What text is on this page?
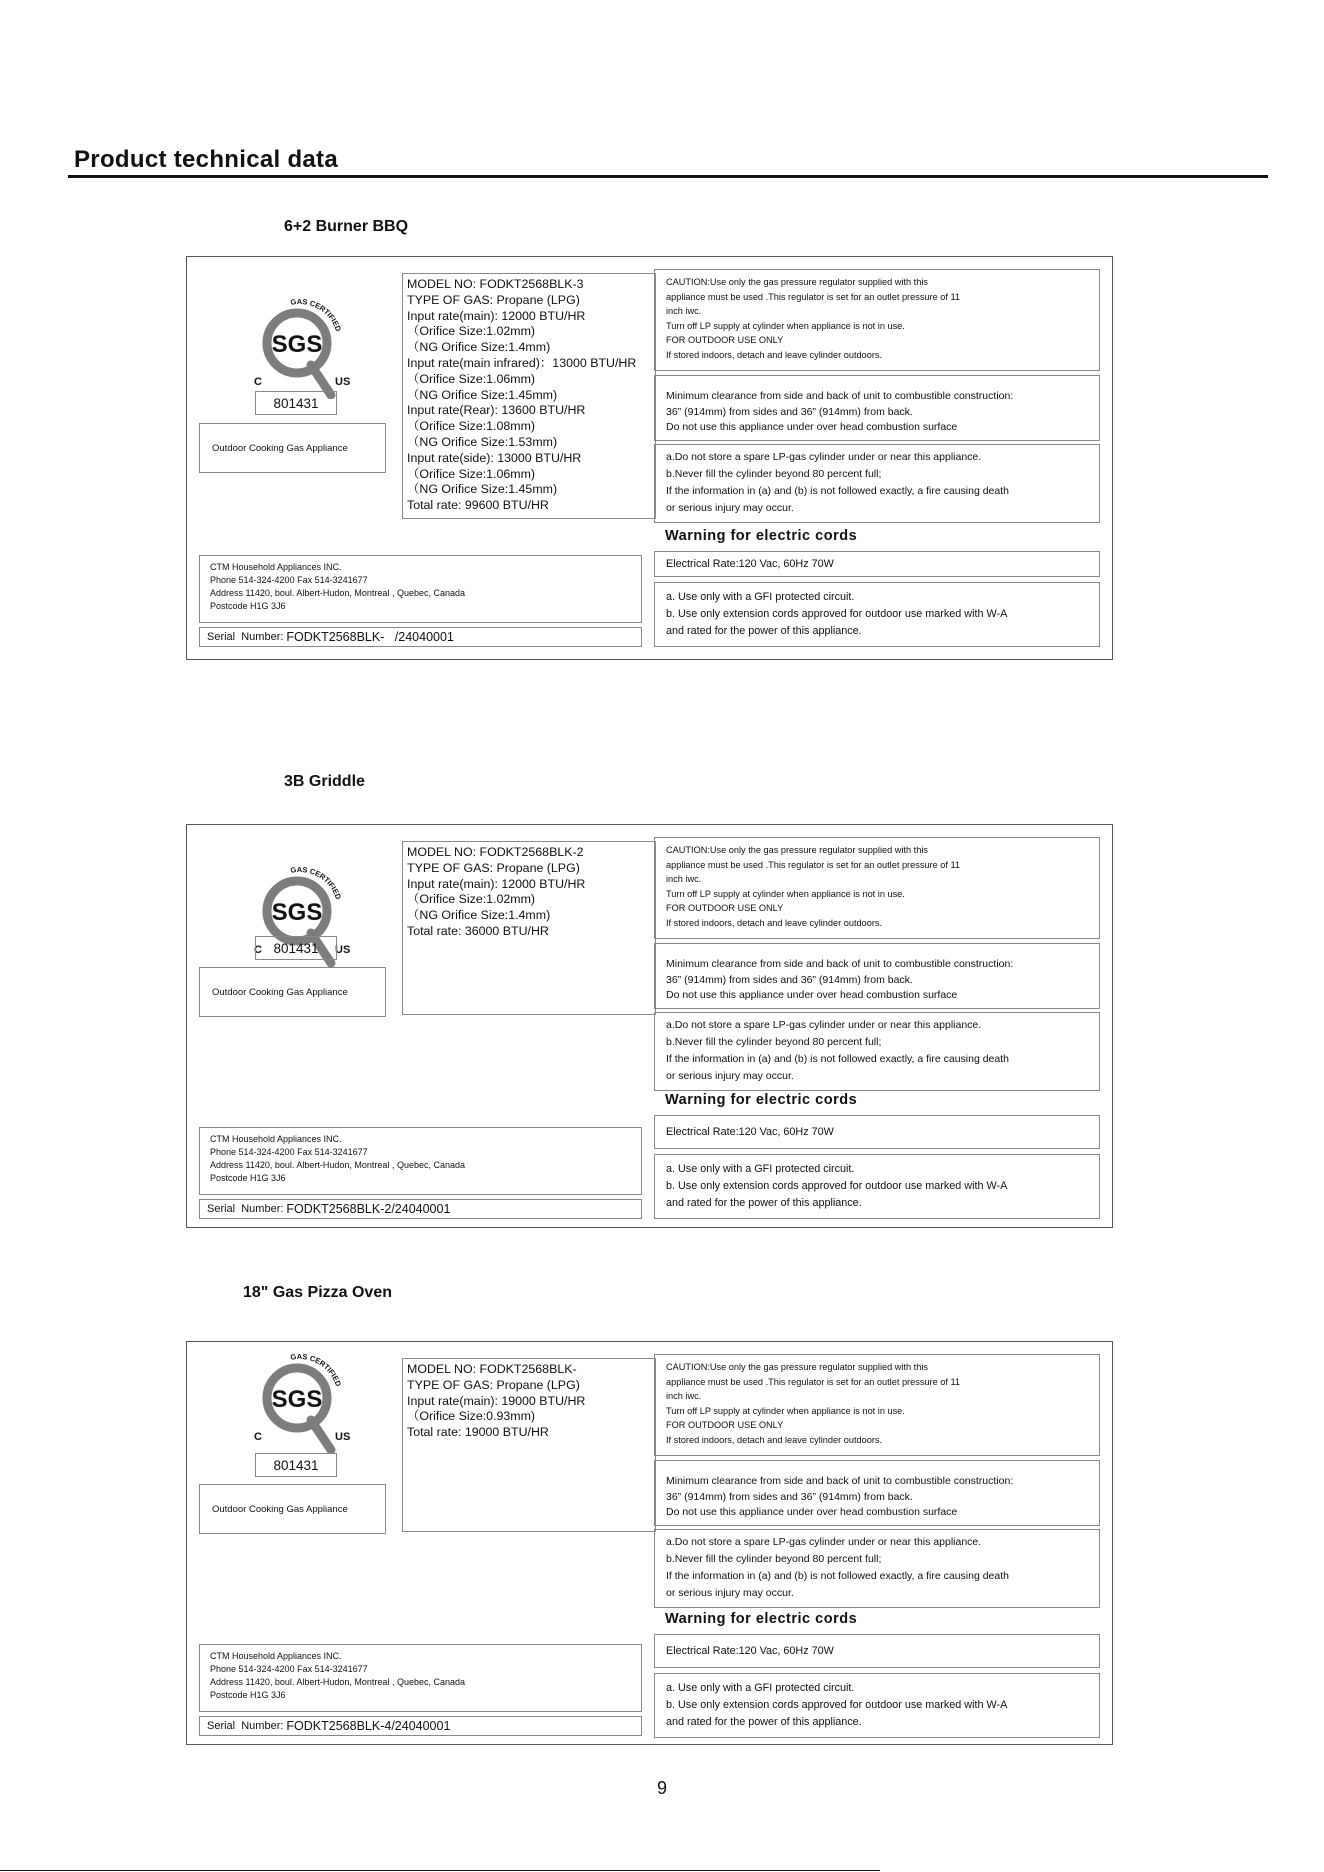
Product technical data
6+2 Burner BBQ
SGS
GAS CERTIFIED
C	US
801431
Outdoor Cooking Gas Appliance
MODEL NO: FODKT2568BLK-3
TYPE OF GAS: Propane (LPG)
Input rate(main): 12000 BTU/HR
（Orifice Size:1.02mm)
（NG Orifice Size:1.4mm)
Input rate(main infrared)：13000 BTU/HR
（Orifice Size:1.06mm)
（NG Orifice Size:1.45mm)
Input rate(Rear): 13600 BTU/HR
（Orifice Size:1.08mm)
（NG Orifice Size:1.53mm)
Input rate(side): 13000 BTU/HR
（Orifice Size:1.06mm)
（NG Orifice Size:1.45mm)
Total rate: 99600 BTU/HR
CAUTION:Use only the gas pressure regulator supplied with this
appliance must be used .This regulator is set for an outlet pressure of 11
inch iwc.
Turn off LP supply at cylinder when appliance is not in use.
FOR OUTDOOR USE ONLY
If stored indoors, detach and leave cylinder outdoors.
Minimum clearance from side and back of unit to combustible construction:
36” (914mm) from sides and 36” (914mm) from back.
Do not use this appliance under over head combustion surface
a.Do not store a spare LP-gas cylinder under or near this appliance.
b.Never fill the cylinder beyond 80 percent full;
If the information in (a) and (b) is not followed exactly, a fire causing death
or serious injury may occur.
Warning for electric cords
Electrical Rate:120 Vac, 60Hz 70W
a. Use only with a GFI protected circuit.
b. Use only extension cords approved for outdoor use marked with W-A
and rated for the power of this appliance.
CTM Household Appliances INC.
Phone 514-324-4200 Fax 514-3241677
Address 11420, boul. Albert-Hudon, Montreal , Quebec, Canada
Postcode H1G 3J6
Serial  Number: FODKT2568BLK-   /24040001
3B Griddle
SGS
GAS CERTIFIED
C	US
801431
Outdoor Cooking Gas Appliance
MODEL NO: FODKT2568BLK-2
TYPE OF GAS: Propane (LPG)
Input rate(main): 12000 BTU/HR
（Orifice Size:1.02mm)
（NG Orifice Size:1.4mm)
Total rate: 36000 BTU/HR
CAUTION:Use only the gas pressure regulator supplied with this
appliance must be used .This regulator is set for an outlet pressure of 11
inch iwc.
Turn off LP supply at cylinder when appliance is not in use.
FOR OUTDOOR USE ONLY
If stored indoors, detach and leave cylinder outdoors.
Minimum clearance from side and back of unit to combustible construction:
36” (914mm) from sides and 36” (914mm) from back.
Do not use this appliance under over head combustion surface
a.Do not store a spare LP-gas cylinder under or near this appliance.
b.Never fill the cylinder beyond 80 percent full;
If the information in (a) and (b) is not followed exactly, a fire causing death
or serious injury may occur.
Warning for electric cords
Electrical Rate:120 Vac, 60Hz 70W
a. Use only with a GFI protected circuit.
b. Use only extension cords approved for outdoor use marked with W-A
and rated for the power of this appliance.
CTM Household Appliances INC.
Phone 514-324-4200 Fax 514-3241677
Address 11420, boul. Albert-Hudon, Montreal , Quebec, Canada
Postcode H1G 3J6
Serial  Number: FODKT2568BLK-2/24040001
18" Gas Pizza Oven
SGS
GAS CERTIFIED
C	US
801431
Outdoor Cooking Gas Appliance
MODEL NO: FODKT2568BLK-
TYPE OF GAS: Propane (LPG)
Input rate(main): 19000 BTU/HR
（Orifice Size:0.93mm)
Total rate: 19000 BTU/HR
CAUTION:Use only the gas pressure regulator supplied with this
appliance must be used .This regulator is set for an outlet pressure of 11
inch iwc.
Turn off LP supply at cylinder when appliance is not in use.
FOR OUTDOOR USE ONLY
If stored indoors, detach and leave cylinder outdoors.
Minimum clearance from side and back of unit to combustible construction:
36” (914mm) from sides and 36” (914mm) from back.
Do not use this appliance under over head combustion surface
a.Do not store a spare LP-gas cylinder under or near this appliance.
b.Never fill the cylinder beyond 80 percent full;
If the information in (a) and (b) is not followed exactly, a fire causing death
or serious injury may occur.
Warning for electric cords
Electrical Rate:120 Vac, 60Hz 70W
a. Use only with a GFI protected circuit.
b. Use only extension cords approved for outdoor use marked with W-A
and rated for the power of this appliance.
CTM Household Appliances INC.
Phone 514-324-4200 Fax 514-3241677
Address 11420, boul. Albert-Hudon, Montreal , Quebec, Canada
Postcode H1G 3J6
Serial  Number: FODKT2568BLK-4/24040001
9
